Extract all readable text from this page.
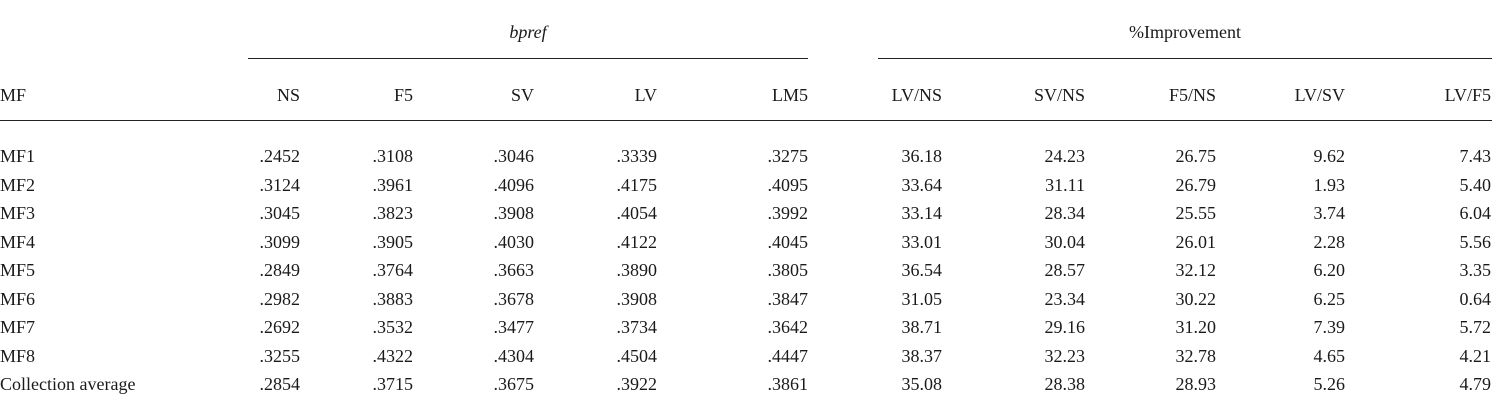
bpref	%Improvement
MF	NS	F5	SV	LV	LM5	LV/NS	SV/NS	F5/NS	LV/SV	LV/F5
MF1	.2452	.3108	.3046	.3339	.3275	36.18	24.23	26.75	9.62	7.43
MF2	.3124	.3961	.4096	.4175	.4095	33.64	31.11	26.79	1.93	5.40
MF3	.3045	.3823	.3908	.4054	.3992	33.14	28.34	25.55	3.74	6.04
MF4	.3099	.3905	.4030	.4122	.4045	33.01	30.04	26.01	2.28	5.56
MF5	.2849	.3764	.3663	.3890	.3805	36.54	28.57	32.12	6.20	3.35
MF6	.2982	.3883	.3678	.3908	.3847	31.05	23.34	30.22	6.25	0.64
MF7	.2692	.3532	.3477	.3734	.3642	38.71	29.16	31.20	7.39	5.72
MF8	.3255	.4322	.4304	.4504	.4447	38.37	32.23	32.78	4.65	4.21
Collection average	.2854	.3715	.3675	.3922	.3861	35.08	28.38	28.93	5.26	4.79
